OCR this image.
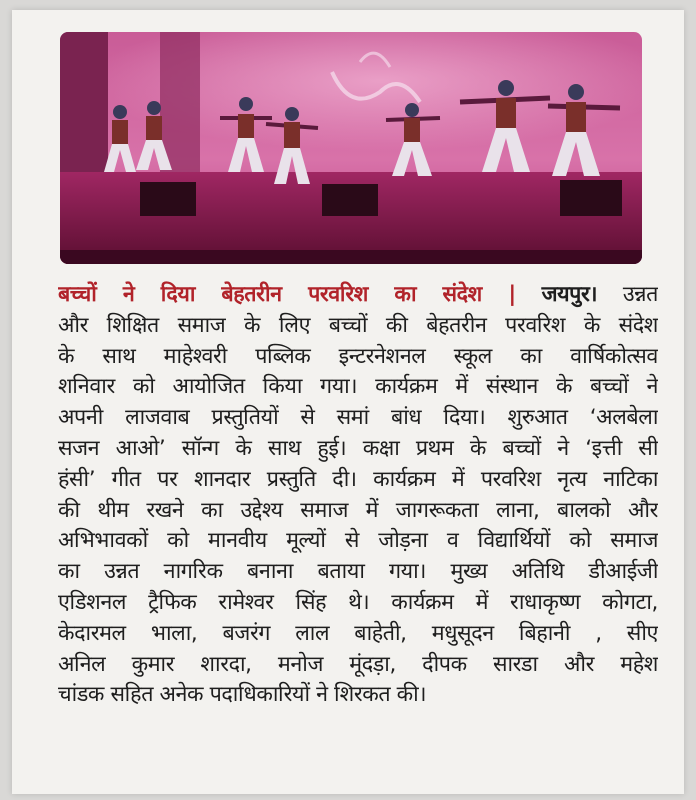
बच्चों ने दिया बेहतरीन परवरिश का संदेश | जयपुर। उन्नत
और शिक्षित समाज के लिए बच्चों की बेहतरीन परवरिश के संदेश
के साथ माहेश्वरी पब्लिक इन्टरनेशनल स्कूल का वार्षिकोत्सव
शनिवार को आयोजित किया गया। कार्यक्रम में संस्थान के बच्चों ने
अपनी लाजवाब प्रस्तुतियों से समां बांध दिया। शुरुआत ‘अलबेला
सजन आओ’ सॉन्ग के साथ हुई। कक्षा प्रथम के बच्चों ने ‘इत्ती सी
हंसी’ गीत पर शानदार प्रस्तुति दी। कार्यक्रम में परवरिश नृत्य नाटिका
की थीम रखने का उद्देश्य समाज में जागरूकता लाना, बालको और
अभिभावकों को मानवीय मूल्यों से जोड़ना व विद्यार्थियों को समाज
का उन्नत नागरिक बनाना बताया गया। मुख्य अतिथि डीआईजी
एडिशनल ट्रैफिक रामेश्वर सिंह थे। कार्यक्रम में राधाकृष्ण कोगटा,
केदारमल भाला, बजरंग लाल बाहेती, मधुसूदन बिहानी , सीए
अनिल कुमार शारदा, मनोज मूंदड़ा, दीपक सारडा और महेश
चांडक सहित अनेक पदाधिकारियों ने शिरकत की।
